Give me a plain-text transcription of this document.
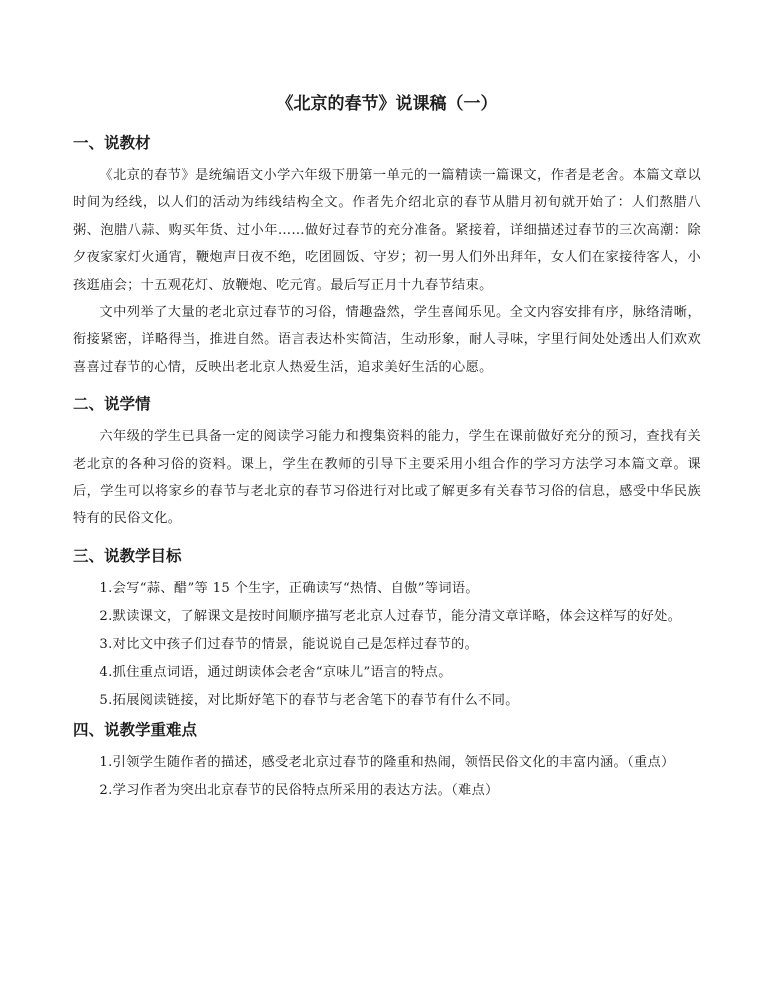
《北京的春节》说课稿（一）
一、说教材

《北京的春节》是统编语文小学六年级下册第一单元的一篇精读一篇课文，作者是老舍。本篇文章以时间为经线，以人们的活动为纬线结构全文。作者先介绍北京的春节从腊月初旬就开始了：人们熬腊八粥、泡腊八蒜、购买年货、过小年……做好过春节的充分准备。紧接着，详细描述过春节的三次高潮：除夕夜家家灯火通宵，鞭炮声日夜不绝，吃团圆饭、守岁；初一男人们外出拜年，女人们在家接待客人，小孩逛庙会；十五观花灯、放鞭炮、吃元宵。最后写正月十九春节结束。

文中列举了大量的老北京过春节的习俗，情趣盎然，学生喜闻乐见。全文内容安排有序，脉络清晰，衔接紧密，详略得当，推进自然。语言表达朴实简洁，生动形象，耐人寻味，字里行间处处透出人们欢欢喜喜过春节的心情，反映出老北京人热爱生活，追求美好生活的心愿。

二、说学情

六年级的学生已具备一定的阅读学习能力和搜集资料的能力，学生在课前做好充分的预习，查找有关老北京的各种习俗的资料。课上，学生在教师的引导下主要采用小组合作的学习方法学习本篇文章。课后，学生可以将家乡的春节与老北京的春节习俗进行对比或了解更多有关春节习俗的信息，感受中华民族特有的民俗文化。

三、说教学目标

1.会写“蒜、醋”等 15 个生字，正确读写“热情、自傲”等词语。

2.默读课文，了解课文是按时间顺序描写老北京人过春节，能分清文章详略，体会这样写的好处。

3.对比文中孩子们过春节的情景，能说说自己是怎样过春节的。

4.抓住重点词语，通过朗读体会老舍“京味儿”语言的特点。

5.拓展阅读链接，对比斯妤笔下的春节与老舍笔下的春节有什么不同。

四、说教学重难点

1.引领学生随作者的描述，感受老北京过春节的隆重和热闹，领悟民俗文化的丰富内涵。（重点）

2.学习作者为突出北京春节的民俗特点所采用的表达方法。（难点）
